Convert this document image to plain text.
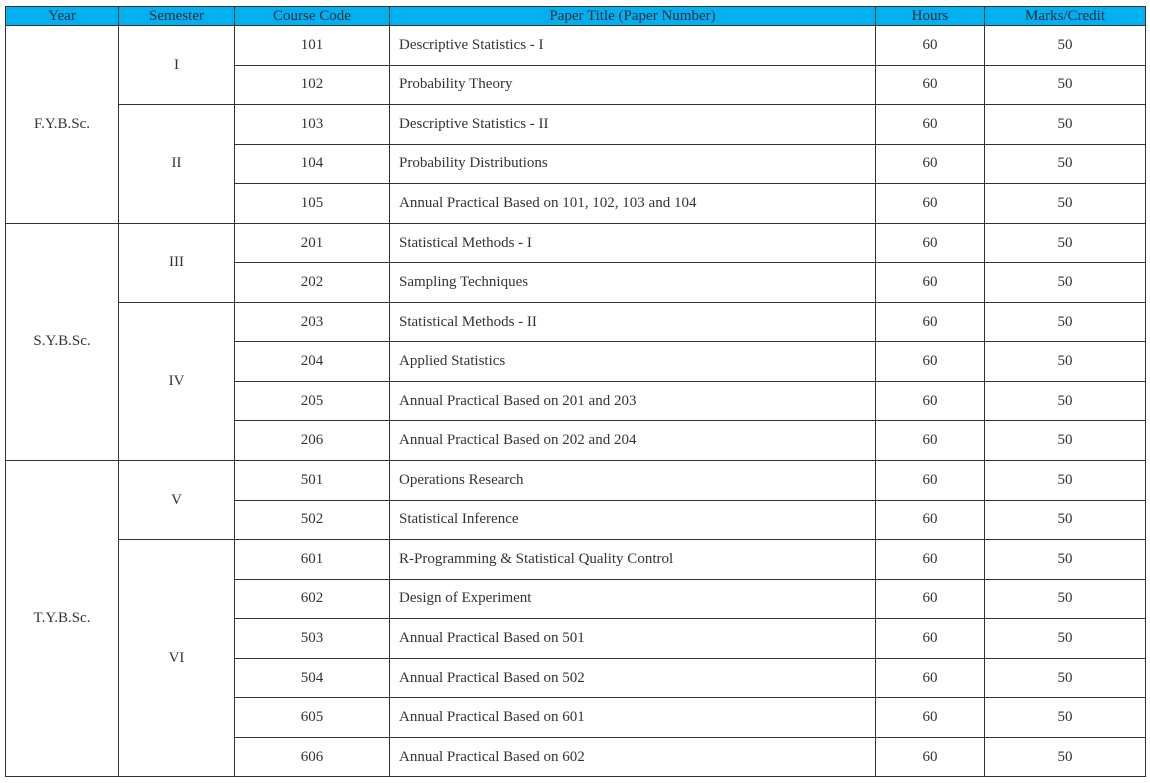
Year	Semester	Course Code	Paper Title (Paper Number)	Hours	Marks/Credit
F.Y.B.Sc.	I	101	Descriptive Statistics - I	60	50
		102	Probability Theory	60	50
	II	103	Descriptive Statistics - II	60	50
		104	Probability Distributions	60	50
		105	Annual Practical Based on 101, 102, 103 and 104	60	50
S.Y.B.Sc.	III	201	Statistical Methods - I	60	50
		202	Sampling Techniques	60	50
	IV	203	Statistical Methods - II	60	50
		204	Applied Statistics	60	50
		205	Annual Practical Based on 201 and 203	60	50
		206	Annual Practical Based on 202 and 204	60	50
T.Y.B.Sc.	V	501	Operations Research	60	50
		502	Statistical Inference	60	50
	VI	601	R-Programming & Statistical Quality Control	60	50
		602	Design of Experiment	60	50
		503	Annual Practical Based on 501	60	50
		504	Annual Practical Based on 502	60	50
		605	Annual Practical Based on 601	60	50
		606	Annual Practical Based on 602	60	50
